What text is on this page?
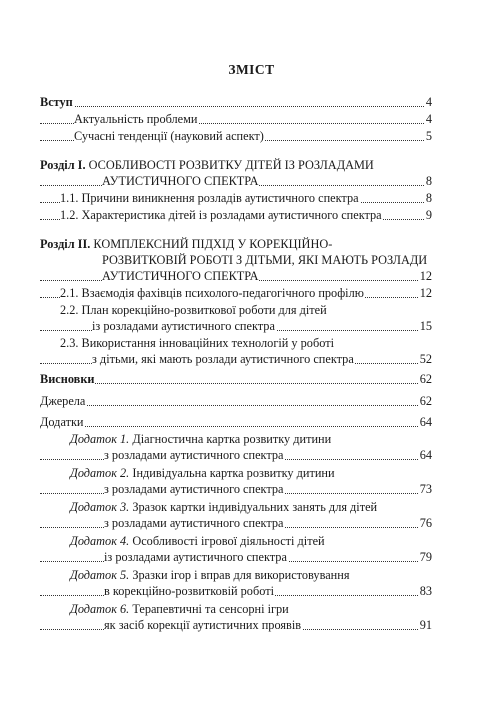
ЗМІСТ
Вступ	4
Актуальність проблеми	4
Сучасні тенденції (науковий аспект)	5
Розділ І. ОСОБЛИВОСТІ РОЗВИТКУ ДІТЕЙ ІЗ РОЗЛАДАМИ
АУТИСТИЧНОГО СПЕКТРА	8
1.1. Причини виникнення розладів аутистичного спектра	8
1.2. Характеристика дітей із розладами аутистичного спектра	9
Розділ ІІ. КОМПЛЕКСНИЙ ПІДХІД У КОРЕКЦІЙНО-
РОЗВИТКОВІЙ РОБОТІ З ДІТЬМИ, ЯКІ МАЮТЬ РОЗЛАДИ
АУТИСТИЧНОГО СПЕКТРА	12
2.1. Взаємодія фахівців психолого-педагогічного профілю	12
2.2. План корекційно-розвиткової роботи для дітей
із розладами аутистичного спектра	15
2.3. Використання інноваційних технологій у роботі
з дітьми, які мають розлади аутистичного спектра	52
Висновки	62
Джерела	62
Додатки	64
Додаток 1. Діагностична картка розвитку дитини
з розладами аутистичного спектра	64
Додаток 2. Індивідуальна картка розвитку дитини
з розладами аутистичного спектра	73
Додаток 3. Зразок картки індивідуальних занять для дітей
з розладами аутистичного спектра	76
Додаток 4. Особливості ігрової діяльності дітей
із розладами аутистичного спектра	79
Додаток 5. Зразки ігор і вправ для використовування
в корекційно-розвитковій роботі	83
Додаток 6. Терапевтичні та сенсорні ігри
як засіб корекції аутистичних проявів	91
